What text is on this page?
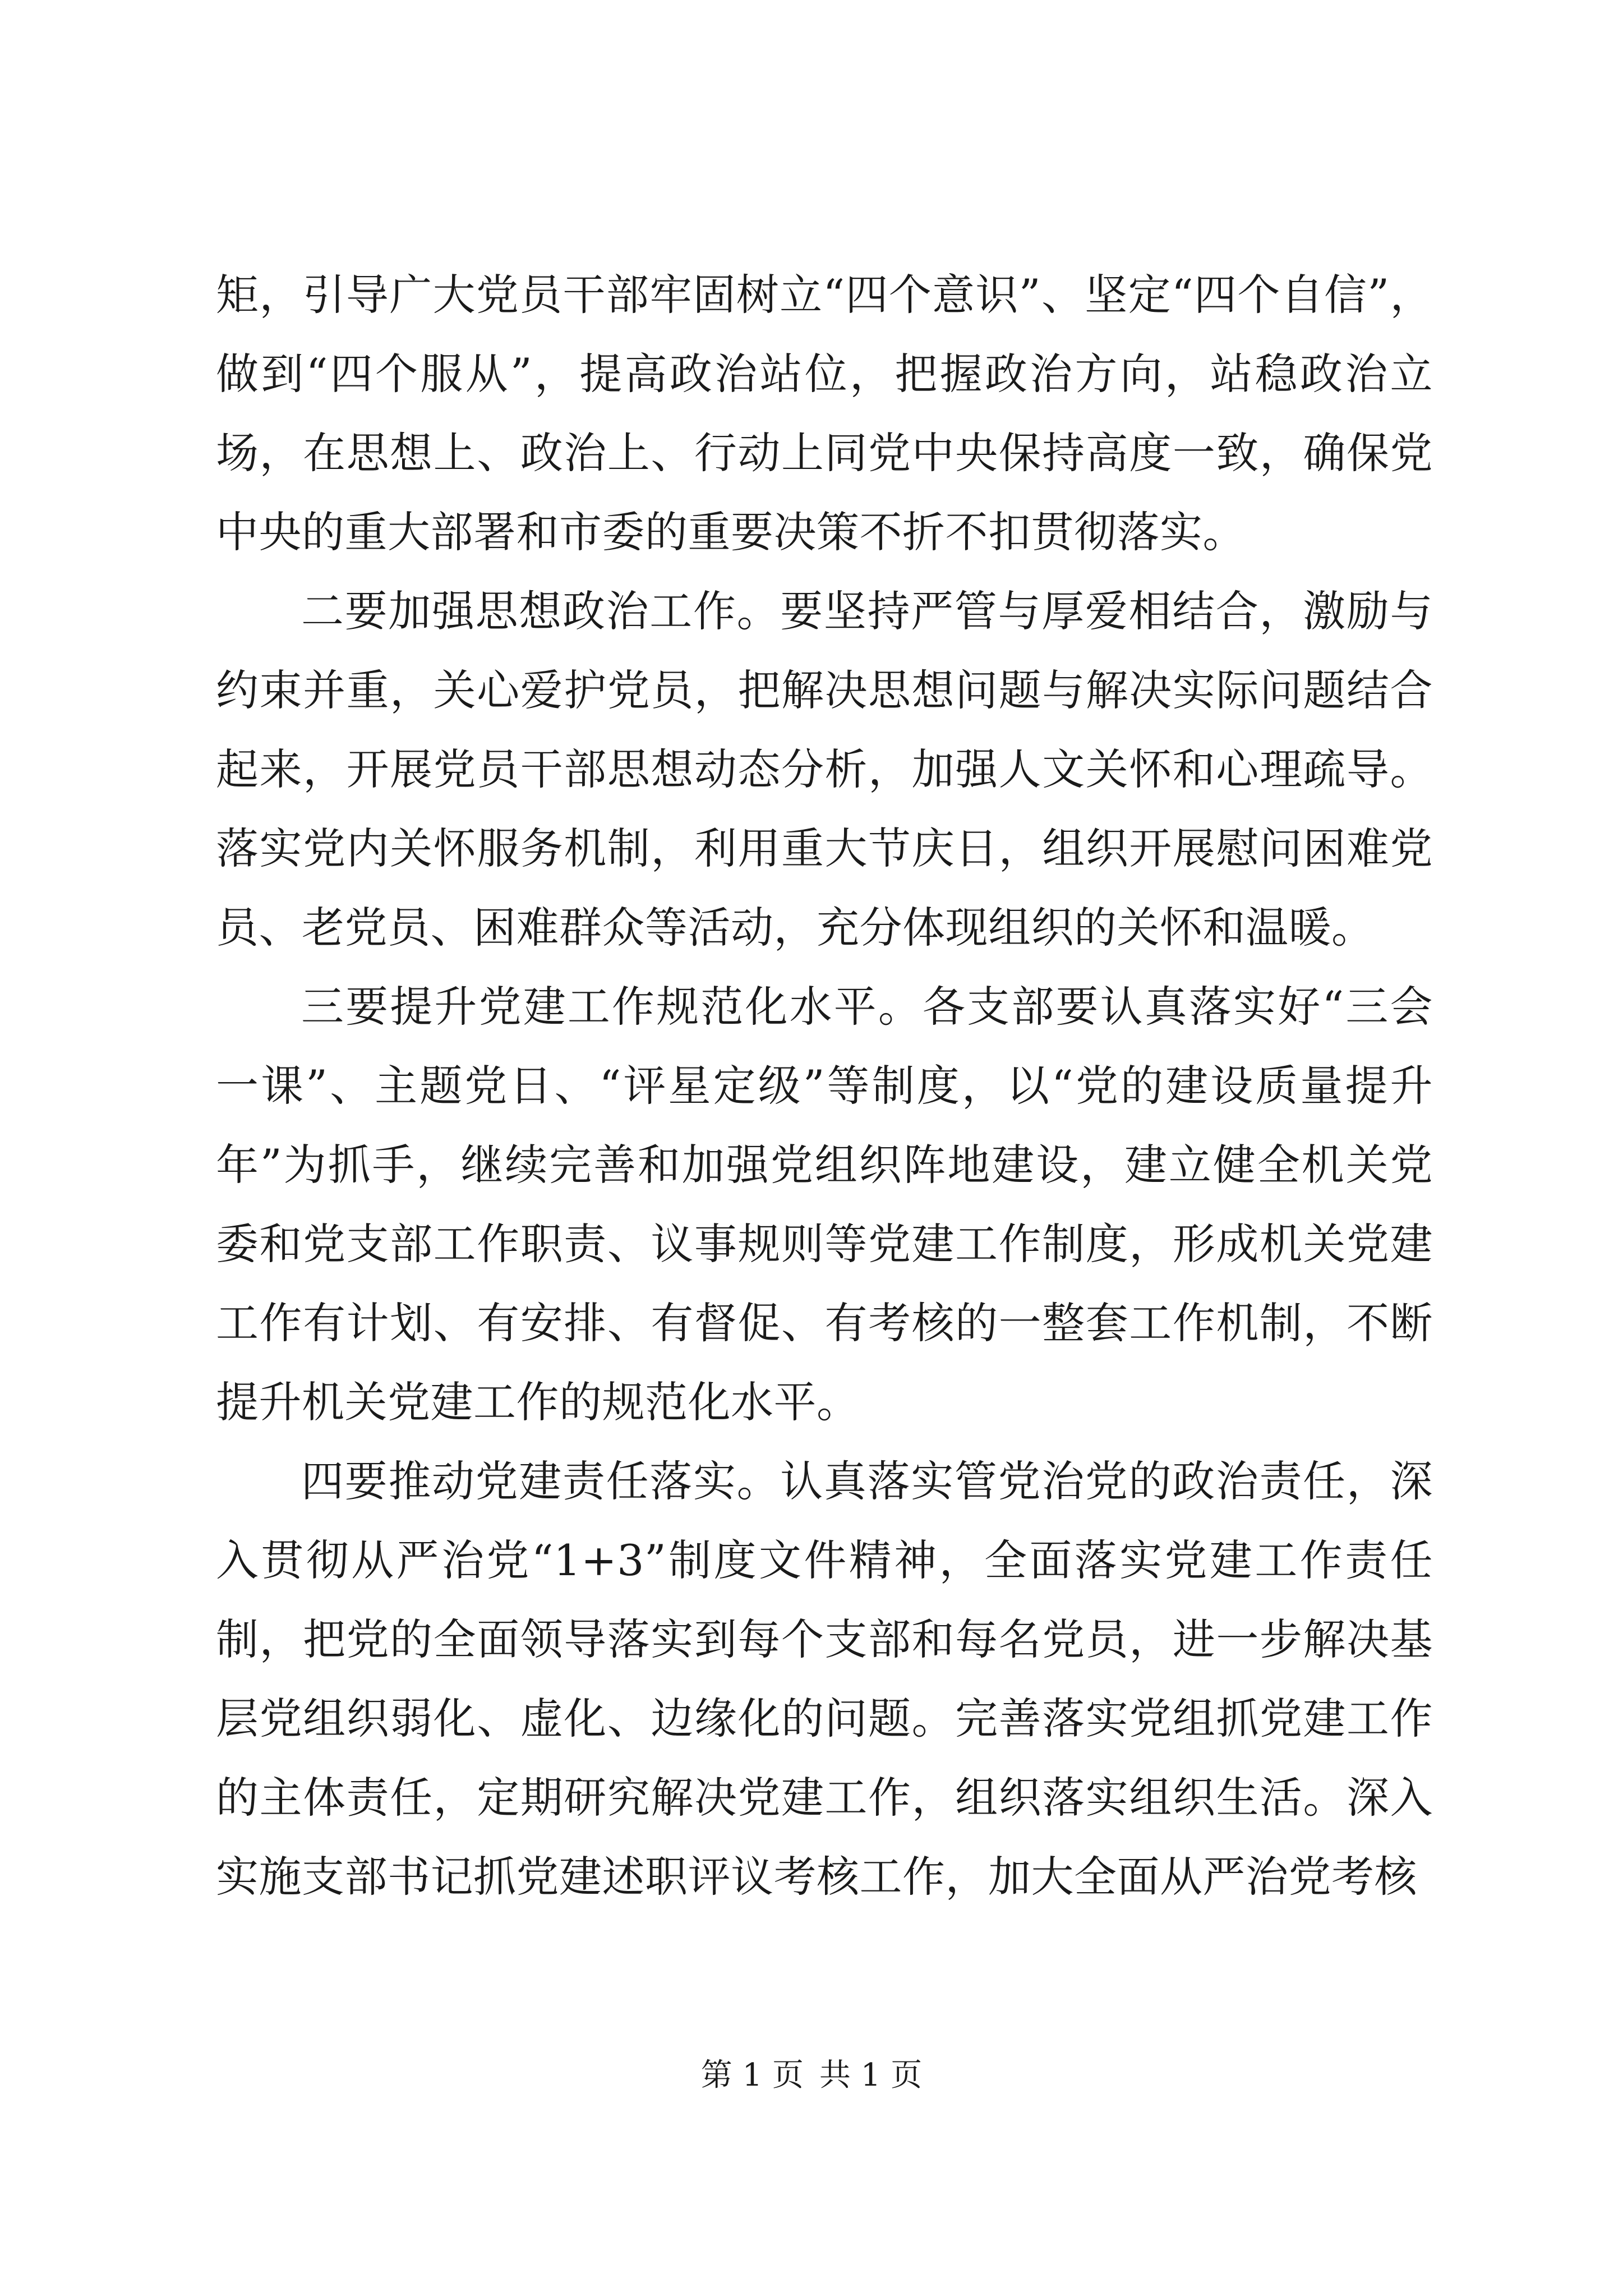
矩，引导广大党员干部牢固树立“四个意识”、坚定“四个自信”，做到“四个服从”，提高政治站位，把握政治方向，站稳政治立场，在思想上、政治上、行动上同党中央保持高度一致，确保党中央的重大部署和市委的重要决策不折不扣贯彻落实。

二要加强思想政治工作。要坚持严管与厚爱相结合，激励与约束并重，关心爱护党员，把解决思想问题与解决实际问题结合起来，开展党员干部思想动态分析，加强人文关怀和心理疏导。落实党内关怀服务机制，利用重大节庆日，组织开展慰问困难党员、老党员、困难群众等活动，充分体现组织的关怀和温暖。

三要提升党建工作规范化水平。各支部要认真落实好“三会一课”、主题党日、“评星定级”等制度，以“党的建设质量提升年”为抓手，继续完善和加强党组织阵地建设，建立健全机关党委和党支部工作职责、议事规则等党建工作制度，形成机关党建工作有计划、有安排、有督促、有考核的一整套工作机制，不断提升机关党建工作的规范化水平。

四要推动党建责任落实。认真落实管党治党的政治责任，深入贯彻从严治党“1+3”制度文件精神，全面落实党建工作责任制，把党的全面领导落实到每个支部和每名党员，进一步解决基层党组织弱化、虚化、边缘化的问题。完善落实党组抓党建工作的主体责任，定期研究解决党建工作，组织落实组织生活。深入实施支部书记抓党建述职评议考核工作，加大全面从严治党考核

第 1 页 共 1 页
